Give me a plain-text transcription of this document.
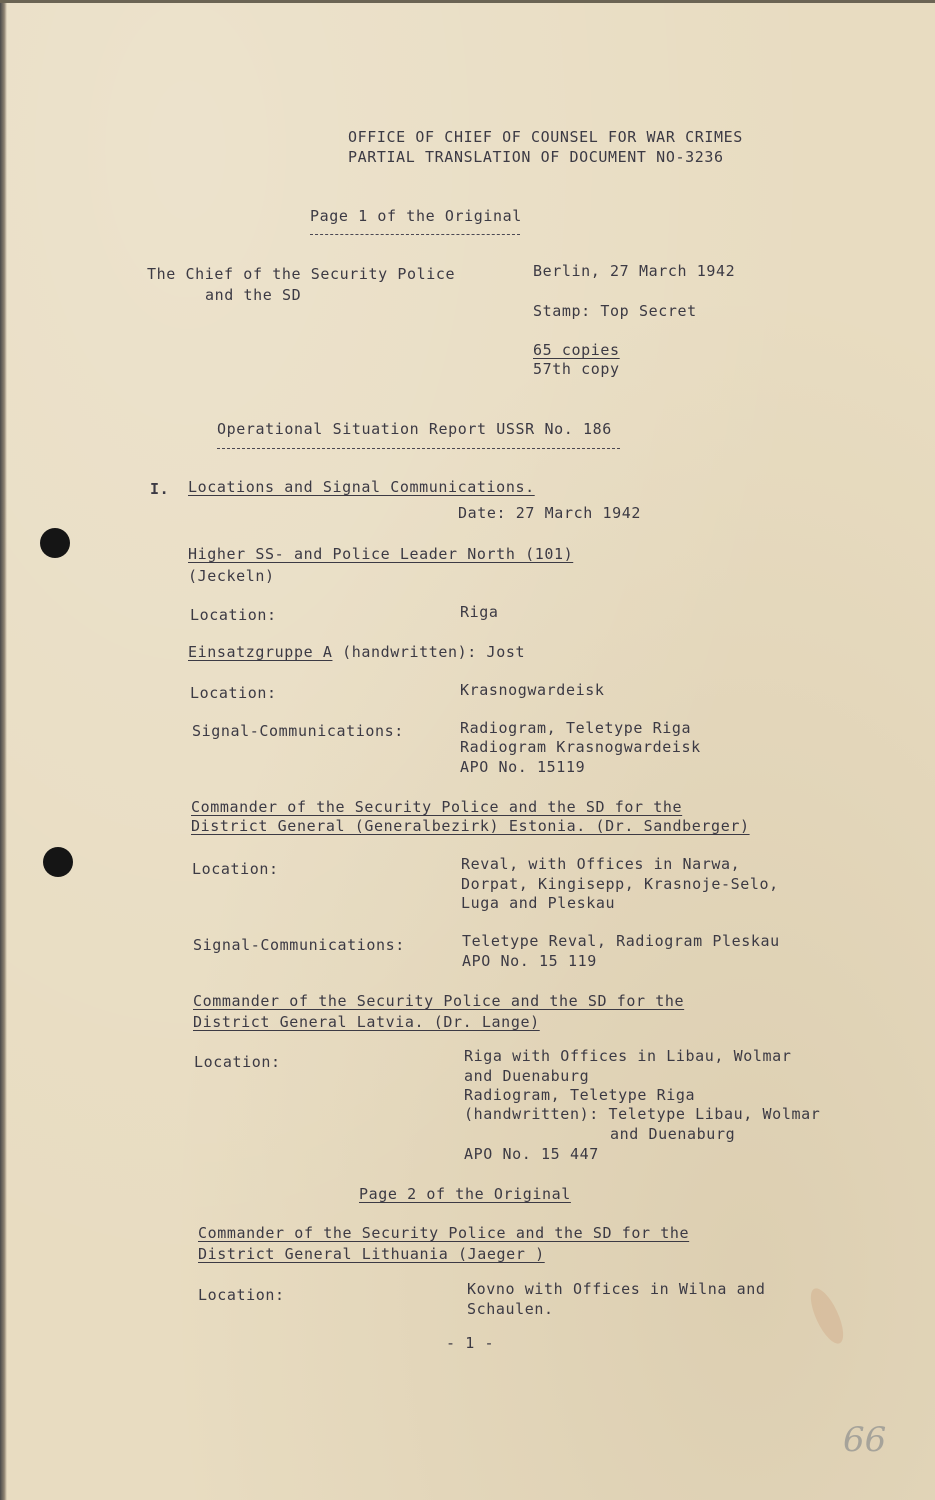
OFFICE OF CHIEF OF COUNSEL FOR WAR CRIMES
PARTIAL TRANSLATION OF DOCUMENT NO-3236
Page 1 of the Original
The Chief of the Security Police
and the SD
Berlin, 27 March 1942
Stamp: Top Secret
65 copies
57th copy
Operational Situation Report USSR No. 186
I. Locations and Signal Communications.
Date: 27 March 1942
Higher SS- and Police Leader North (101)
(Jeckeln)
Location:	Riga
Einsatzgruppe A (handwritten): Jost
Location:	Krasnogwardeisk
Signal-Communications:	Radiogram, Teletype Riga
Radiogram Krasnogwardeisk
APO No. 15119
Commander of the Security Police and the SD for the
District General (Generalbezirk) Estonia. (Dr. Sandberger)
Location:	Reval, with Offices in Narwa,
Dorpat, Kingisepp, Krasnoje-Selo,
Luga and Pleskau
Signal-Communications:	Teletype Reval, Radiogram Pleskau
APO No. 15 119
Commander of the Security Police and the SD for the
District General Latvia. (Dr. Lange)
Location:	Riga with Offices in Libau, Wolmar
and Duenaburg
Radiogram, Teletype Riga
(handwritten): Teletype Libau, Wolmar
and Duenaburg
APO No. 15 447
Page 2 of the Original
Commander of the Security Police and the SD for the
District General Lithuania (Jaeger )
Location:	Kovno with Offices in Wilna and
Schaulen.
- 1 -
66
